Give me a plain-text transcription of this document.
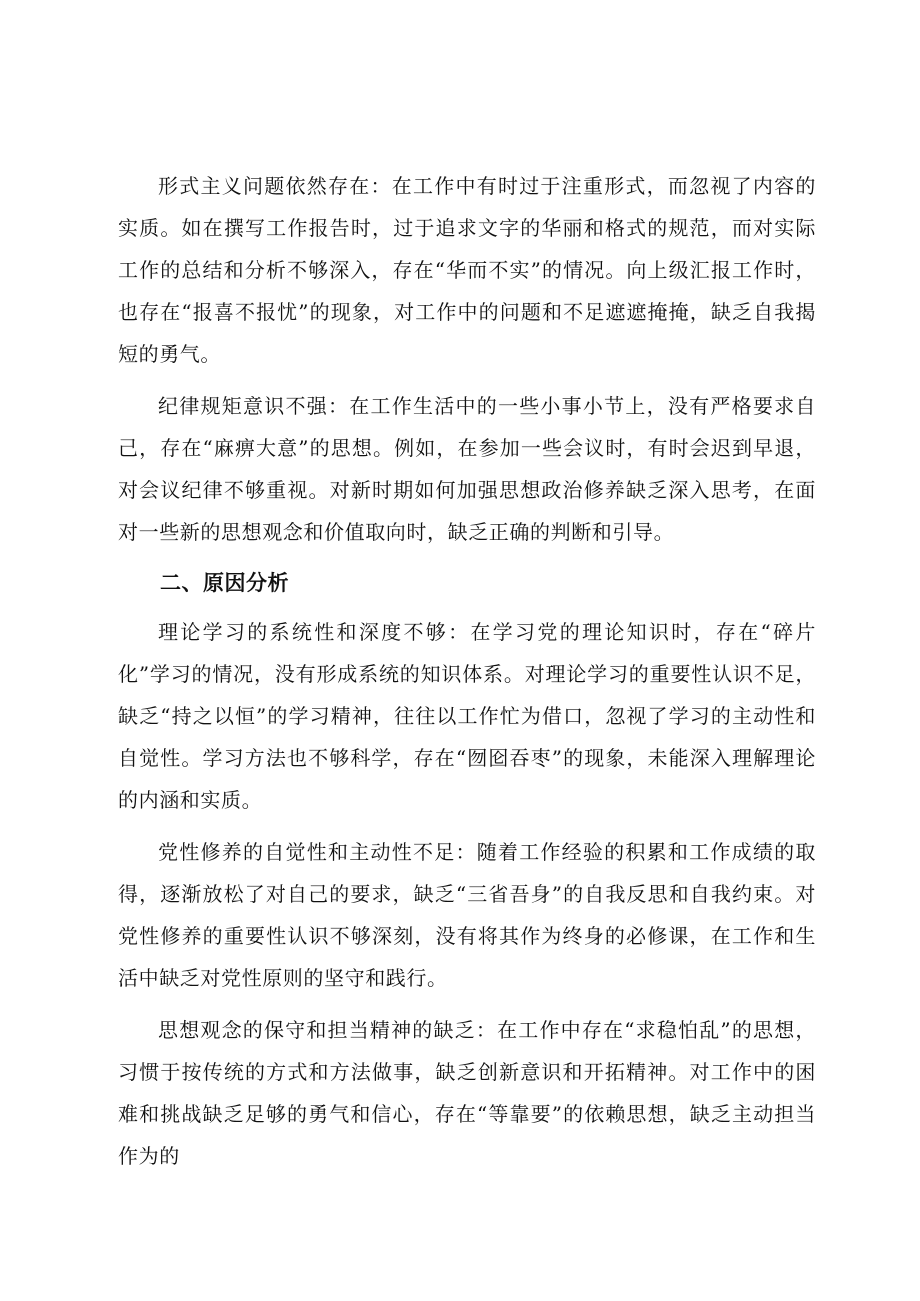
形式主义问题依然存在：在工作中有时过于注重形式，而忽视了内容的实质。如在撰写工作报告时，过于追求文字的华丽和格式的规范，而对实际工作的总结和分析不够深入，存在“华而不实”的情况。向上级汇报工作时，也存在“报喜不报忧”的现象，对工作中的问题和不足遮遮掩掩，缺乏自我揭短的勇气。

纪律规矩意识不强：在工作生活中的一些小事小节上，没有严格要求自己，存在“麻痹大意”的思想。例如，在参加一些会议时，有时会迟到早退，对会议纪律不够重视。对新时期如何加强思想政治修养缺乏深入思考，在面对一些新的思想观念和价值取向时，缺乏正确的判断和引导。

二、原因分析

理论学习的系统性和深度不够：在学习党的理论知识时，存在“碎片化”学习的情况，没有形成系统的知识体系。对理论学习的重要性认识不足，缺乏“持之以恒”的学习精神，往往以工作忙为借口，忽视了学习的主动性和自觉性。学习方法也不够科学，存在“囫囵吞枣”的现象，未能深入理解理论的内涵和实质。

党性修养的自觉性和主动性不足：随着工作经验的积累和工作成绩的取得，逐渐放松了对自己的要求，缺乏“三省吾身”的自我反思和自我约束。对党性修养的重要性认识不够深刻，没有将其作为终身的必修课，在工作和生活中缺乏对党性原则的坚守和践行。

思想观念的保守和担当精神的缺乏：在工作中存在“求稳怕乱”的思想，习惯于按传统的方式和方法做事，缺乏创新意识和开拓精神。对工作中的困难和挑战缺乏足够的勇气和信心，存在“等靠要”的依赖思想，缺乏主动担当作为的
